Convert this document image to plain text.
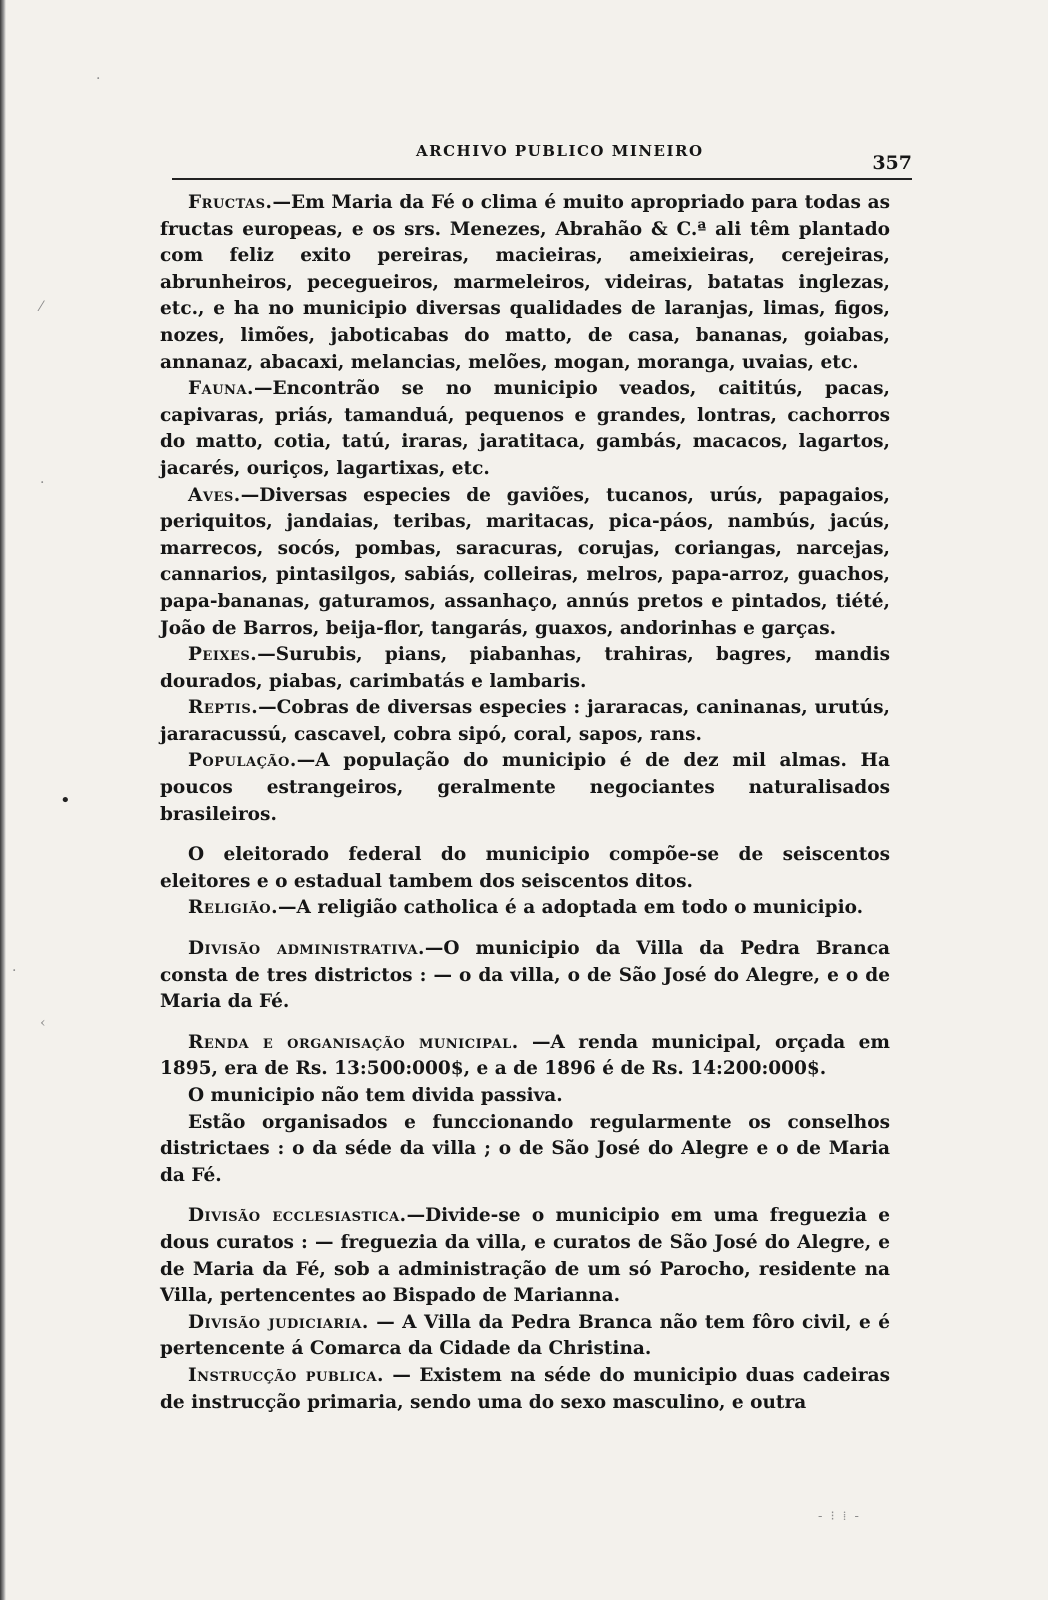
·
⁄
·
•
·
‹
ARCHIVO PUBLICO MINEIRO
357

Fructas.—Em Maria da Fé o clima é muito apropriado para todas as fructas europeas, e os srs. Menezes, Abrahão & C.ª ali têm plantado com feliz exito pereiras, macieiras, ameixieiras, cerejeiras, abrunheiros, pecegueiros, marmeleiros, videiras, batatas inglezas, etc., e ha no municipio diversas qualidades de laranjas, limas, figos, nozes, limões, jaboticabas do matto, de casa, bananas, goiabas, annanaz, abacaxi, melancias, melões, mogan, moranga, uvaias, etc.

Fauna.—Encontrão se no municipio veados, caititús, pacas, capivaras, priás, tamanduá, pequenos e grandes, lontras, cachorros do matto, cotia, tatú, iraras, jaratitaca, gambás, macacos, lagartos, jacarés, ouriços, lagartixas, etc.

Aves.—Diversas especies de gaviões, tucanos, urús, papagaios, periquitos, jandaias, teribas, maritacas, pica-páos, nambús, jacús, marrecos, socós, pombas, saracuras, corujas, coriangas, narcejas, cannarios, pintasilgos, sabiás, colleiras, melros, papa-arroz, guachos, papa-bananas, gaturamos, assanhaço, annús pretos e pintados, tiété, João de Barros, beija-flor, tangarás, guaxos, andorinhas e garças.

Peixes.—Surubis, pians, piabanhas, trahiras, bagres, mandis dourados, piabas, carimbatás e lambaris.

Reptis.—Cobras de diversas especies : jararacas, caninanas, urutús, jararacussú, cascavel, cobra sipó, coral, sapos, rans.

População.—A população do municipio é de dez mil almas. Ha poucos estrangeiros, geralmente negociantes naturalisados brasileiros.

O eleitorado federal do municipio compõe-se de seiscentos eleitores e o estadual tambem dos seiscentos ditos.

Religião.—A religião catholica é a adoptada em todo o municipio.

Divisão administrativa.—O municipio da Villa da Pedra Branca consta de tres districtos : — o da villa, o de São José do Alegre, e o de Maria da Fé.

Renda e organisação municipal. —A renda municipal, orçada em 1895, era de Rs. 13:500:000$, e a de 1896 é de Rs. 14:200:000$.

O municipio não tem divida passiva.

Estão organisados e funccionando regularmente os conselhos districtaes : o da séde da villa ; o de São José do Alegre e o de Maria da Fé.

Divisão ecclesiastica.—Divide-se o municipio em uma freguezia e dous curatos : — freguezia da villa, e curatos de São José do Alegre, e de Maria da Fé, sob a administração de um só Parocho, residente na Villa, pertencentes ao Bispado de Marianna.

Divisão judiciaria. — A Villa da Pedra Branca não tem fôro civil, e é pertencente á Comarca da Cidade da Christina.

Instrucção publica. — Existem na séde do municipio duas cadeiras de instrucção primaria, sendo uma do sexo masculino, e outra

- ⁝ ⁞ -
